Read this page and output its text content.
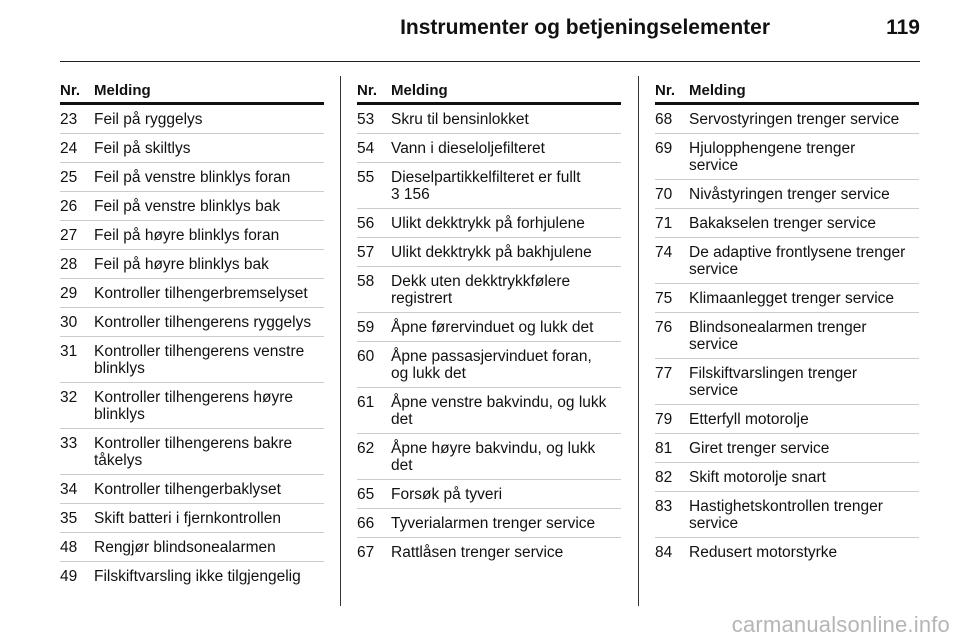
Instrumenter og betjeningselementer	119
Nr. Melding
23	Feil på ryggelys
24	Feil på skiltlys
25	Feil på venstre blinklys foran
26	Feil på venstre blinklys bak
27	Feil på høyre blinklys foran
28	Feil på høyre blinklys bak
29	Kontroller tilhengerbremselyset
30	Kontroller tilhengerens ryggelys
31	Kontroller tilhengerens venstre
blinklys
32	Kontroller tilhengerens høyre
blinklys
33	Kontroller tilhengerens bakre
tåkelys
34	Kontroller tilhengerbaklyset
35	Skift batteri i fjernkontrollen
48	Rengjør blindsonealarmen
49	Filskiftvarsling ikke tilgjengelig
Nr. Melding
53	Skru til bensinlokket
54	Vann i dieseloljefilteret
55	Dieselpartikkelfilteret er fullt
3 156
56	Ulikt dekktrykk på forhjulene
57	Ulikt dekktrykk på bakhjulene
58	Dekk uten dekktrykkfølere
registrert
59	Åpne førervinduet og lukk det
60	Åpne passasjervinduet foran,
og lukk det
61	Åpne venstre bakvindu, og lukk
det
62	Åpne høyre bakvindu, og lukk
det
65	Forsøk på tyveri
66	Tyverialarmen trenger service
67	Rattlåsen trenger service
Nr. Melding
68	Servostyringen trenger service
69	Hjulopphengene trenger
service
70	Nivåstyringen trenger service
71	Bakakselen trenger service
74	De adaptive frontlysene trenger
service
75	Klimaanlegget trenger service
76	Blindsonealarmen trenger
service
77	Filskiftvarslingen trenger
service
79	Etterfyll motorolje
81	Giret trenger service
82	Skift motorolje snart
83	Hastighetskontrollen trenger
service
84	Redusert motorstyrke
carmanualsonline.info
